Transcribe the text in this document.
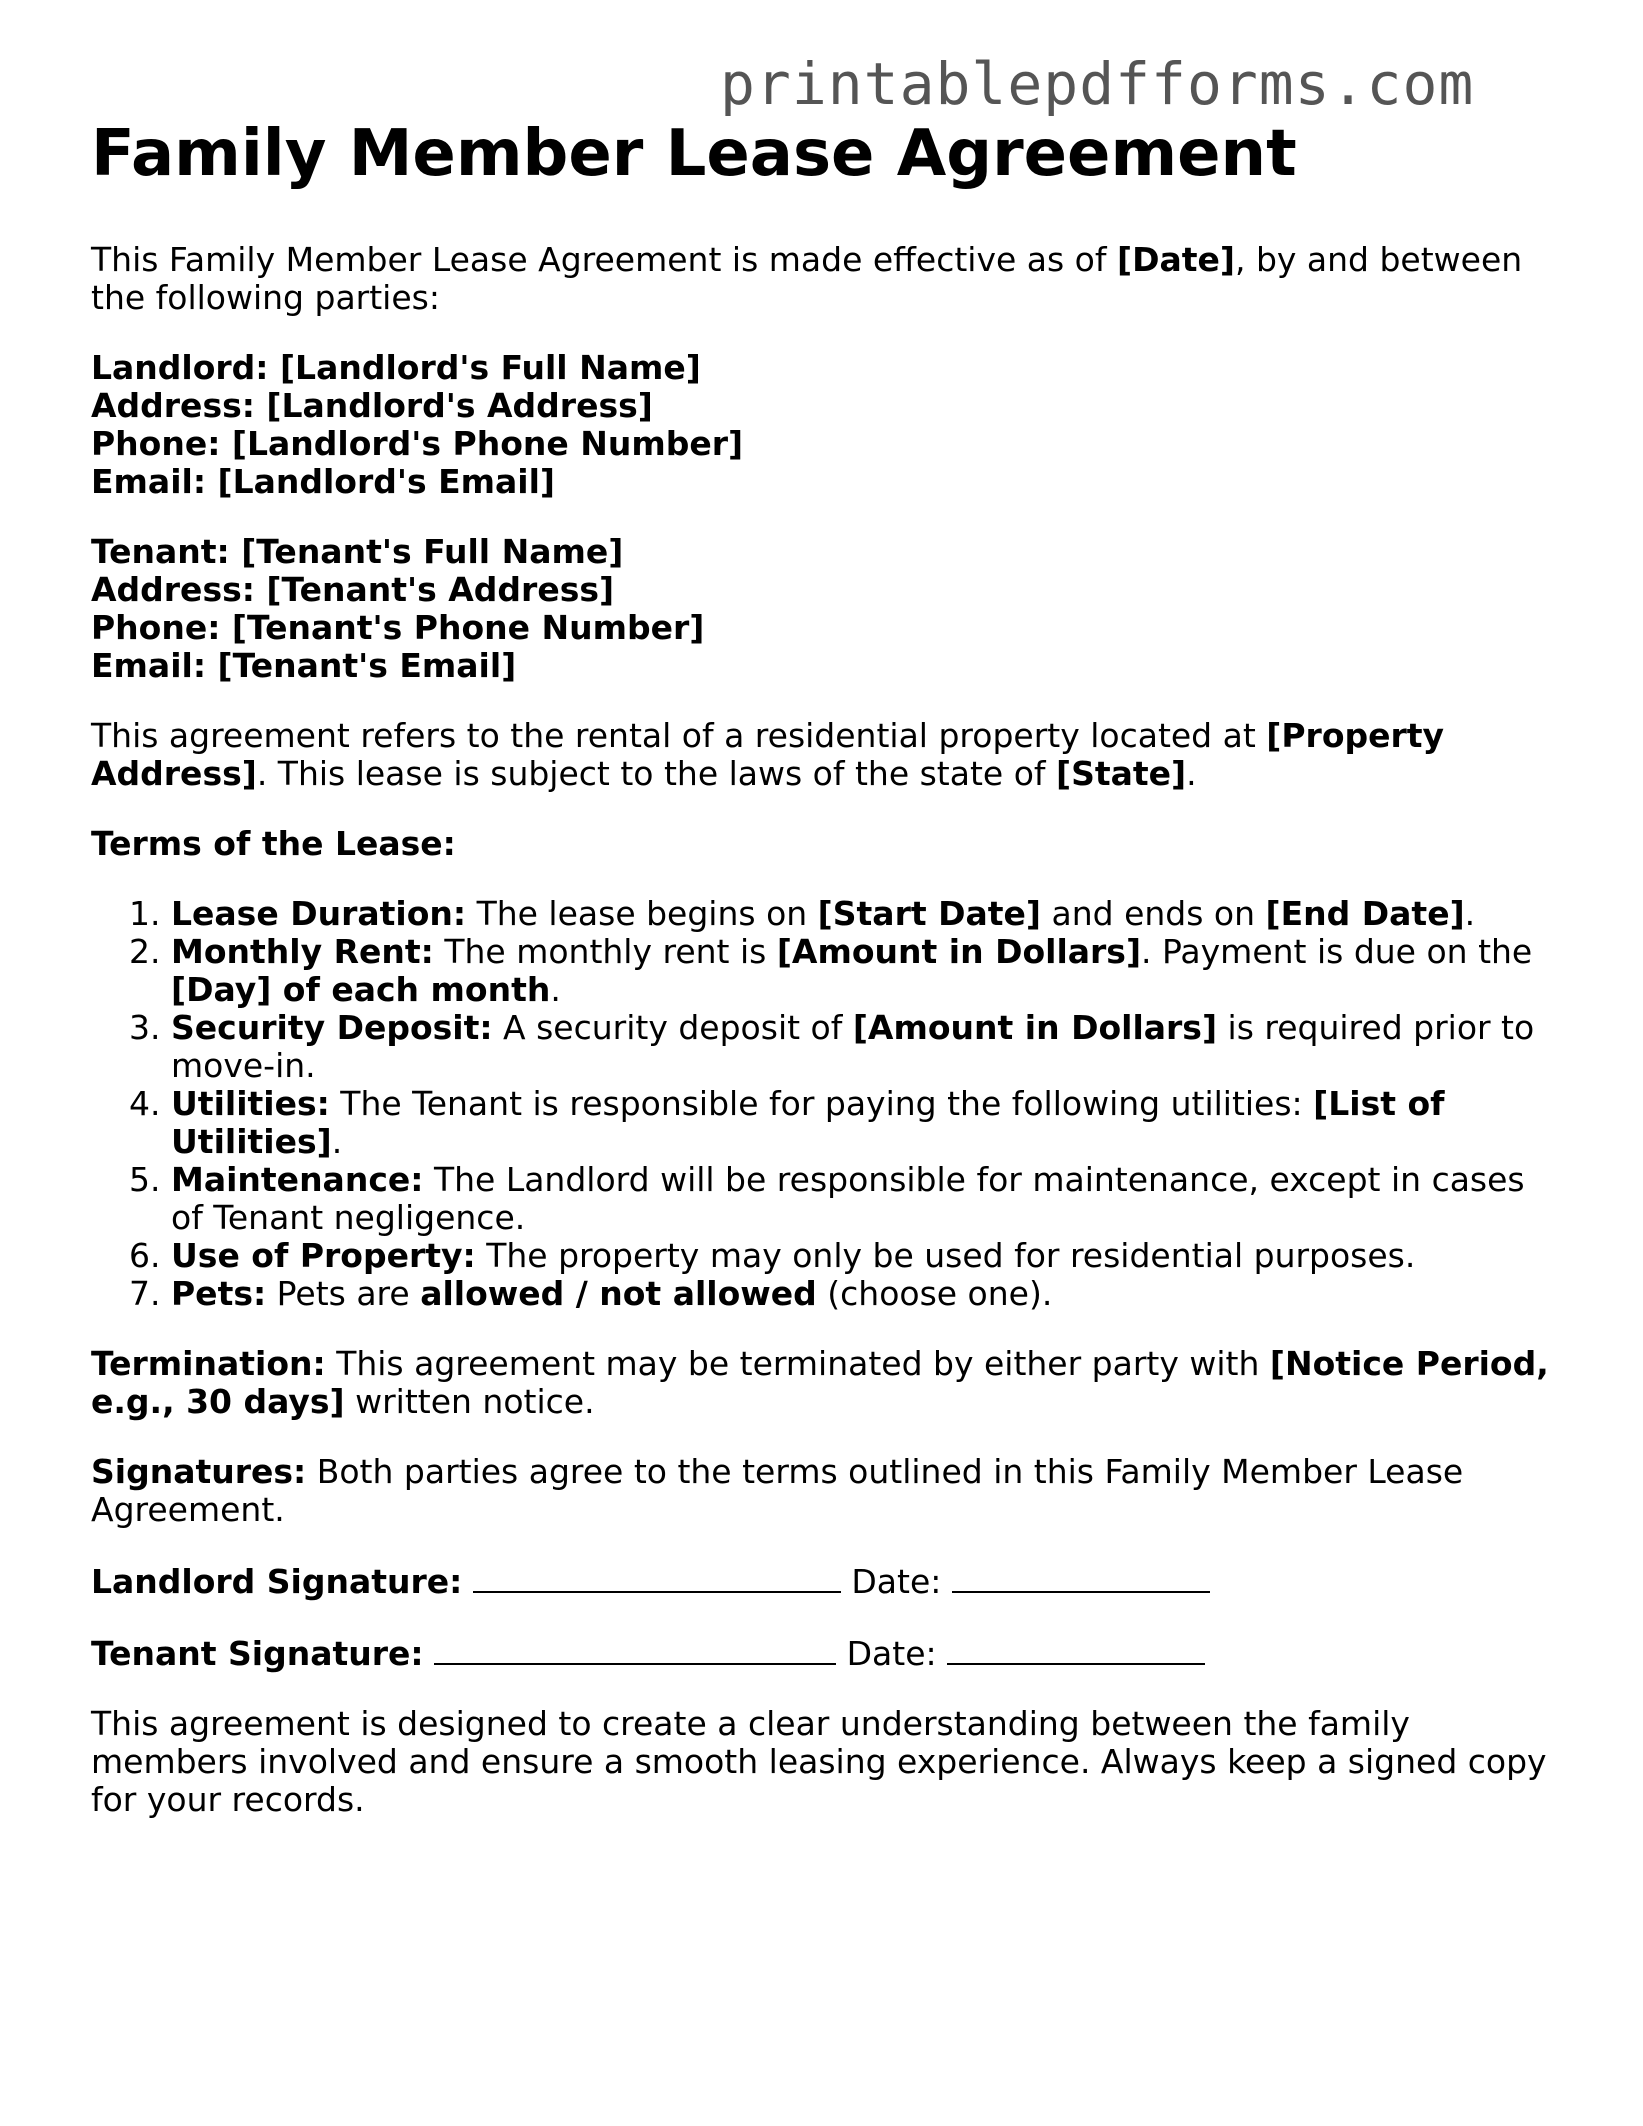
printablepdfforms.com
Family Member Lease Agreement

This Family Member Lease Agreement is made effective as of [Date], by and between the following parties:

Landlord: [Landlord's Full Name]
Address: [Landlord's Address]
Phone: [Landlord's Phone Number]
Email: [Landlord's Email]
Tenant: [Tenant's Full Name]
Address: [Tenant's Address]
Phone: [Tenant's Phone Number]
Email: [Tenant's Email]

This agreement refers to the rental of a residential property located at [Property Address]. This lease is subject to the laws of the state of [State].

Terms of the Lease:

1. Lease Duration: The lease begins on [Start Date] and ends on [End Date].
2. Monthly Rent: The monthly rent is [Amount in Dollars]. Payment is due on the [Day] of each month.
3. Security Deposit: A security deposit of [Amount in Dollars] is required prior to move-in.
4. Utilities: The Tenant is responsible for paying the following utilities: [List of Utilities].
5. Maintenance: The Landlord will be responsible for maintenance, except in cases of Tenant negligence.
6. Use of Property: The property may only be used for residential purposes.
7. Pets: Pets are allowed / not allowed (choose one).

Termination: This agreement may be terminated by either party with [Notice Period, e.g., 30 days] written notice.

Signatures: Both parties agree to the terms outlined in this Family Member Lease Agreement.

Landlord Signature:	Date:

Tenant Signature:	Date:

This agreement is designed to create a clear understanding between the family members involved and ensure a smooth leasing experience. Always keep a signed copy for your records.
